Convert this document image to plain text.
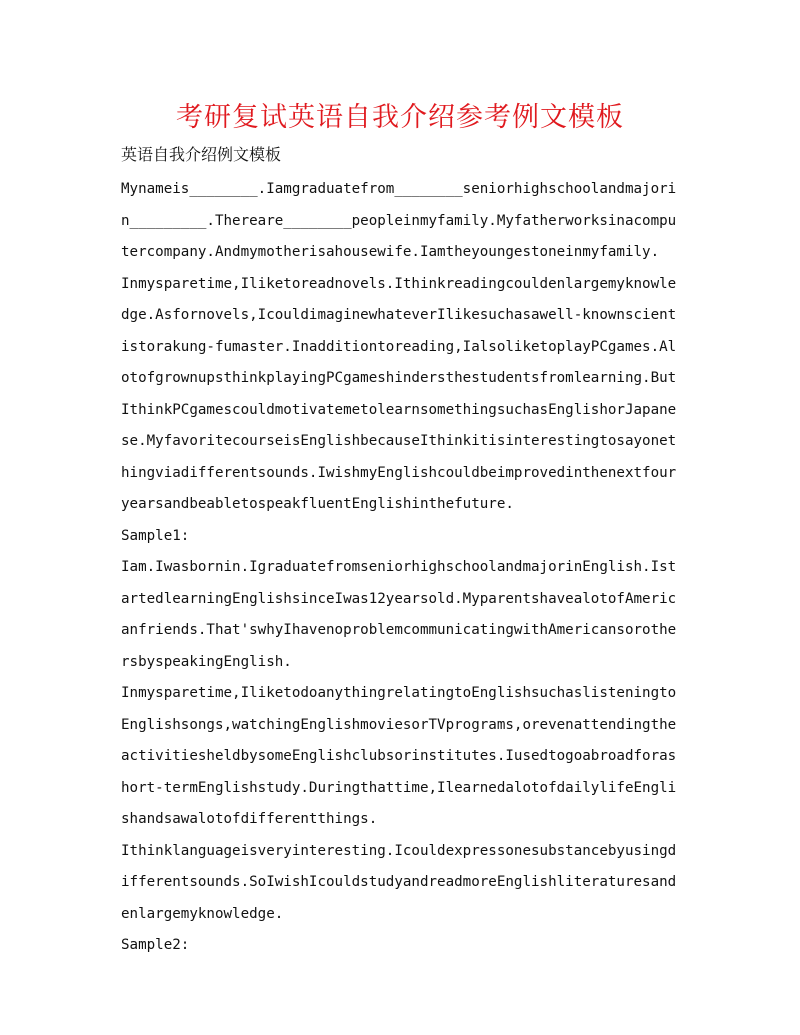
考研复试英语自我介绍参考例文模板
英语自我介绍例文模板

Mynameis________.Iamgraduatefrom________seniorhighschoolandmajorin_________.Thereare________peopleinmyfamily.Myfatherworksinacomputercompany.Andmymotherisahousewife.Iamtheyoungestoneinmyfamily.

Inmysparetime,Iliketoreadnovels.Ithinkreadingcouldenlargemyknowledge.Asfornovels,IcouldimaginewhateverIlikesuchasawell-knownscientistorakung-fumaster.Inadditiontoreading,IalsoliketoplayPCgames.AlotofgrownupsthinkplayingPCgameshindersthestudentsfromlearning.ButIthinkPCgamescouldmotivatemetolearnsomethingsuchasEnglishorJapanese.MyfavoritecourseisEnglishbecauseIthinkitisinterestingtosayonethingviadifferentsounds.IwishmyEnglishcouldbeimprovedinthenextfouryearsandbeabletospeakfluentEnglishinthefuture.

Sample1:

Iam.Iwasbornin.IgraduatefromseniorhighschoolandmajorinEnglish.IstartedlearningEnglishsinceIwas12yearsold.MyparentshavealotofAmericanfriends.That'swhyIhavenoproblemcommunicatingwithAmericansorothersbyspeakingEnglish.

Inmysparetime,IliketodoanythingrelatingtoEnglishsuchaslisteningtoEnglishsongs,watchingEnglishmoviesorTVprograms,orevenattendingtheactivitiesheldbysomeEnglishclubsorinstitutes.Iusedtogoabroadforashort-termEnglishstudy.Duringthattime,IlearnedalotofdailylifeEnglishandsawalotofdifferentthings.

Ithinklanguageisveryinteresting.Icouldexpressonesubstancebyusingdifferentsounds.SoIwishIcouldstudyandreadmoreEnglishliteraturesandenlargemyknowledge.

Sample2:
